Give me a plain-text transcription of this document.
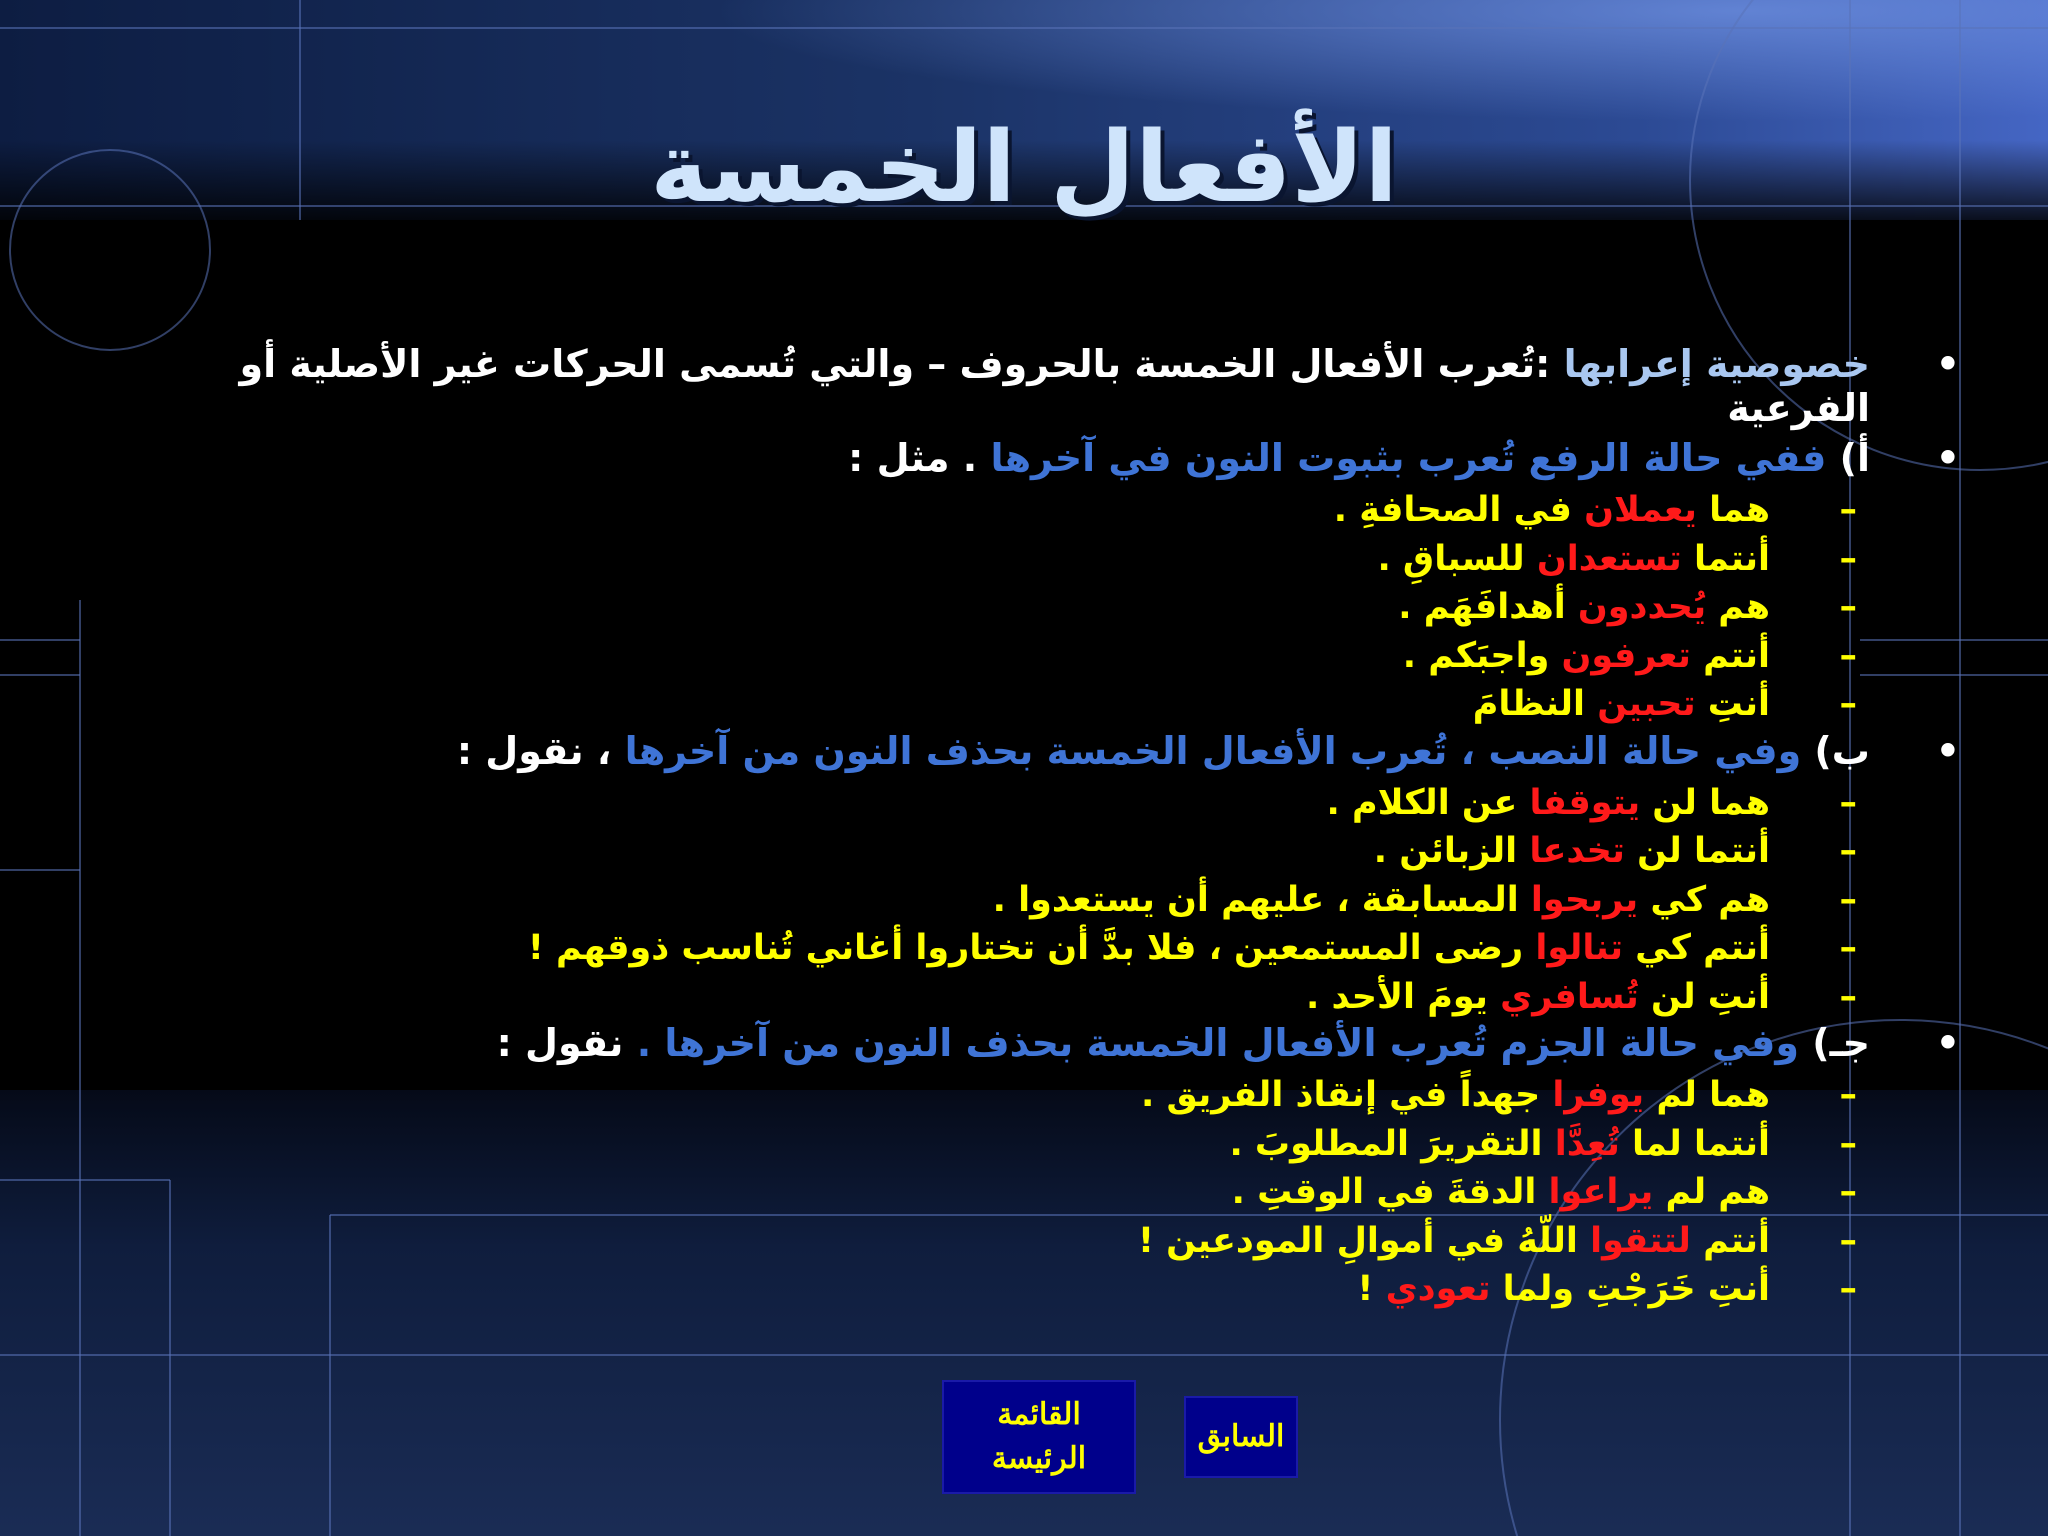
الأفعال الخمسة
•
خصوصية إعرابها :تُعرب الأفعال الخمسة بالحروف – والتي تُسمى الحركات غير الأصلية أو الفرعية
•
أ) ففي حالة الرفع تُعرب بثبوت النون في آخرها . مثل :
–
هما يعملان في الصحافةِ .
–
أنتما تستعدان للسباقِ .
–
هم يُحددون أهدافَهَم .
–
أنتم تعرفون واجبَكم .
–
أنتِ تحبين النظامَ
•
ب) وفي حالة النصب ، تُعرب الأفعال الخمسة بحذف النون من آخرها ، نقول :
–
هما لن يتوقفا عن الكلام .
–
أنتما لن تخدعا الزبائن .
–
هم كي يربحوا المسابقة ، عليهم أن يستعدوا .
–
أنتم كي تنالوا رضى المستمعين ، فلا بدَّ أن تختاروا أغاني تُناسب ذوقهم !
–
أنتِ لن تُسافري يومَ الأحد .
•
جـ) وفي حالة الجزم تُعرب الأفعال الخمسة بحذف النون من آخرها . نقول :
–
هما لم يوفرا جهداً في إنقاذ الفريق .
–
أنتما لما تُعِدَّا التقريرَ المطلوبَ .
–
هم لم يراعوا الدقةَ في الوقتِ .
–
أنتم لتتقوا اللّهُ في أموالِ المودعين !
–
أنتِ خَرَجْتِ ولما تعودي !
القائمة
الرئيسة
السابق
